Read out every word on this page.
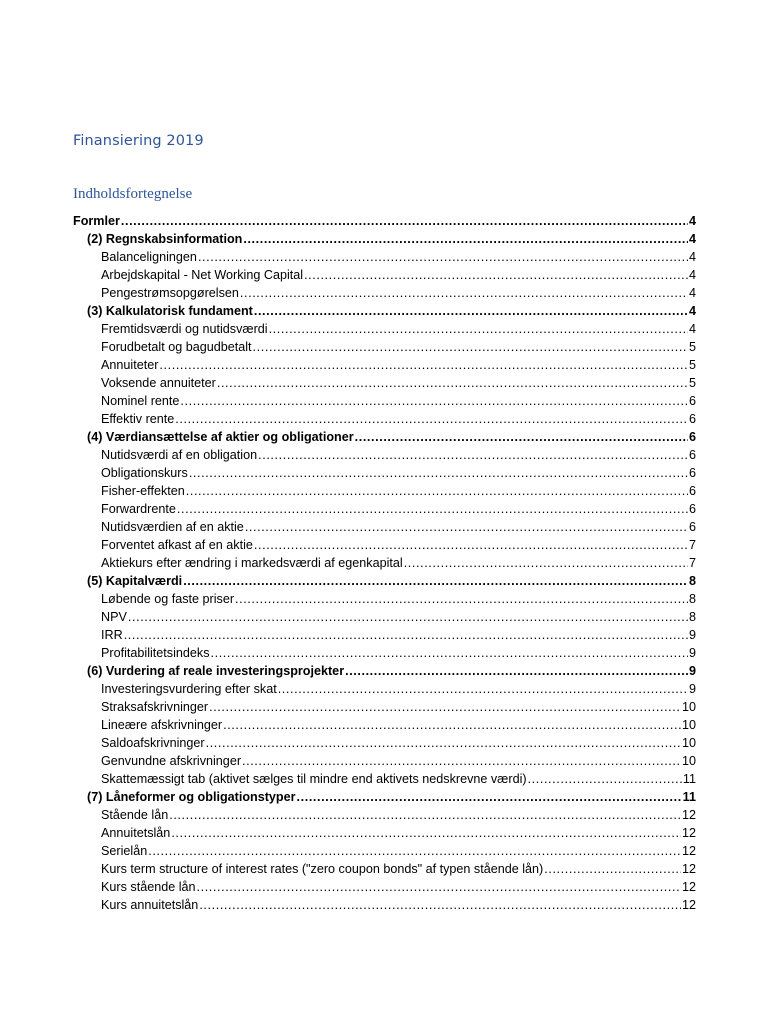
Finansiering 2019
Indholdsfortegnelse
Formler .....	4
(2) Regnskabsinformation .....	4
Balanceligningen .....	4
Arbejdskapital - Net Working Capital .....	4
Pengestrømsopgørelsen .....	4
(3) Kalkulatorisk fundament .....	4
Fremtidsværdi og nutidsværdi .....	4
Forudbetalt og bagudbetalt .....	5
Annuiteter .....	5
Voksende annuiteter .....	5
Nominel rente .....	6
Effektiv rente .....	6
(4) Værdiansættelse af aktier og obligationer .....	6
Nutidsværdi af en obligation .....	6
Obligationskurs .....	6
Fisher-effekten .....	6
Forwardrente .....	6
Nutidsværdien af en aktie .....	6
Forventet afkast af en aktie .....	7
Aktiekurs efter ændring i markedsværdi af egenkapital .....	7
(5) Kapitalværdi .....	8
Løbende og faste priser .....	8
NPV .....	8
IRR .....	9
Profitabilitetsindeks .....	9
(6) Vurdering af reale investeringsprojekter .....	9
Investeringsvurdering efter skat .....	9
Straksafskrivninger .....	10
Lineære afskrivninger .....	10
Saldoafskrivninger .....	10
Genvundne afskrivninger .....	10
Skattemæssigt tab (aktivet sælges til mindre end aktivets nedskrevne værdi) .....	11
(7) Låneformer og obligationstyper .....	11
Stående lån .....	12
Annuitetslån .....	12
Serielån .....	12
Kurs term structure of interest rates ("zero coupon bonds" af typen stående lån) .....	12
Kurs stående lån .....	12
Kurs annuitetslån .....	12
